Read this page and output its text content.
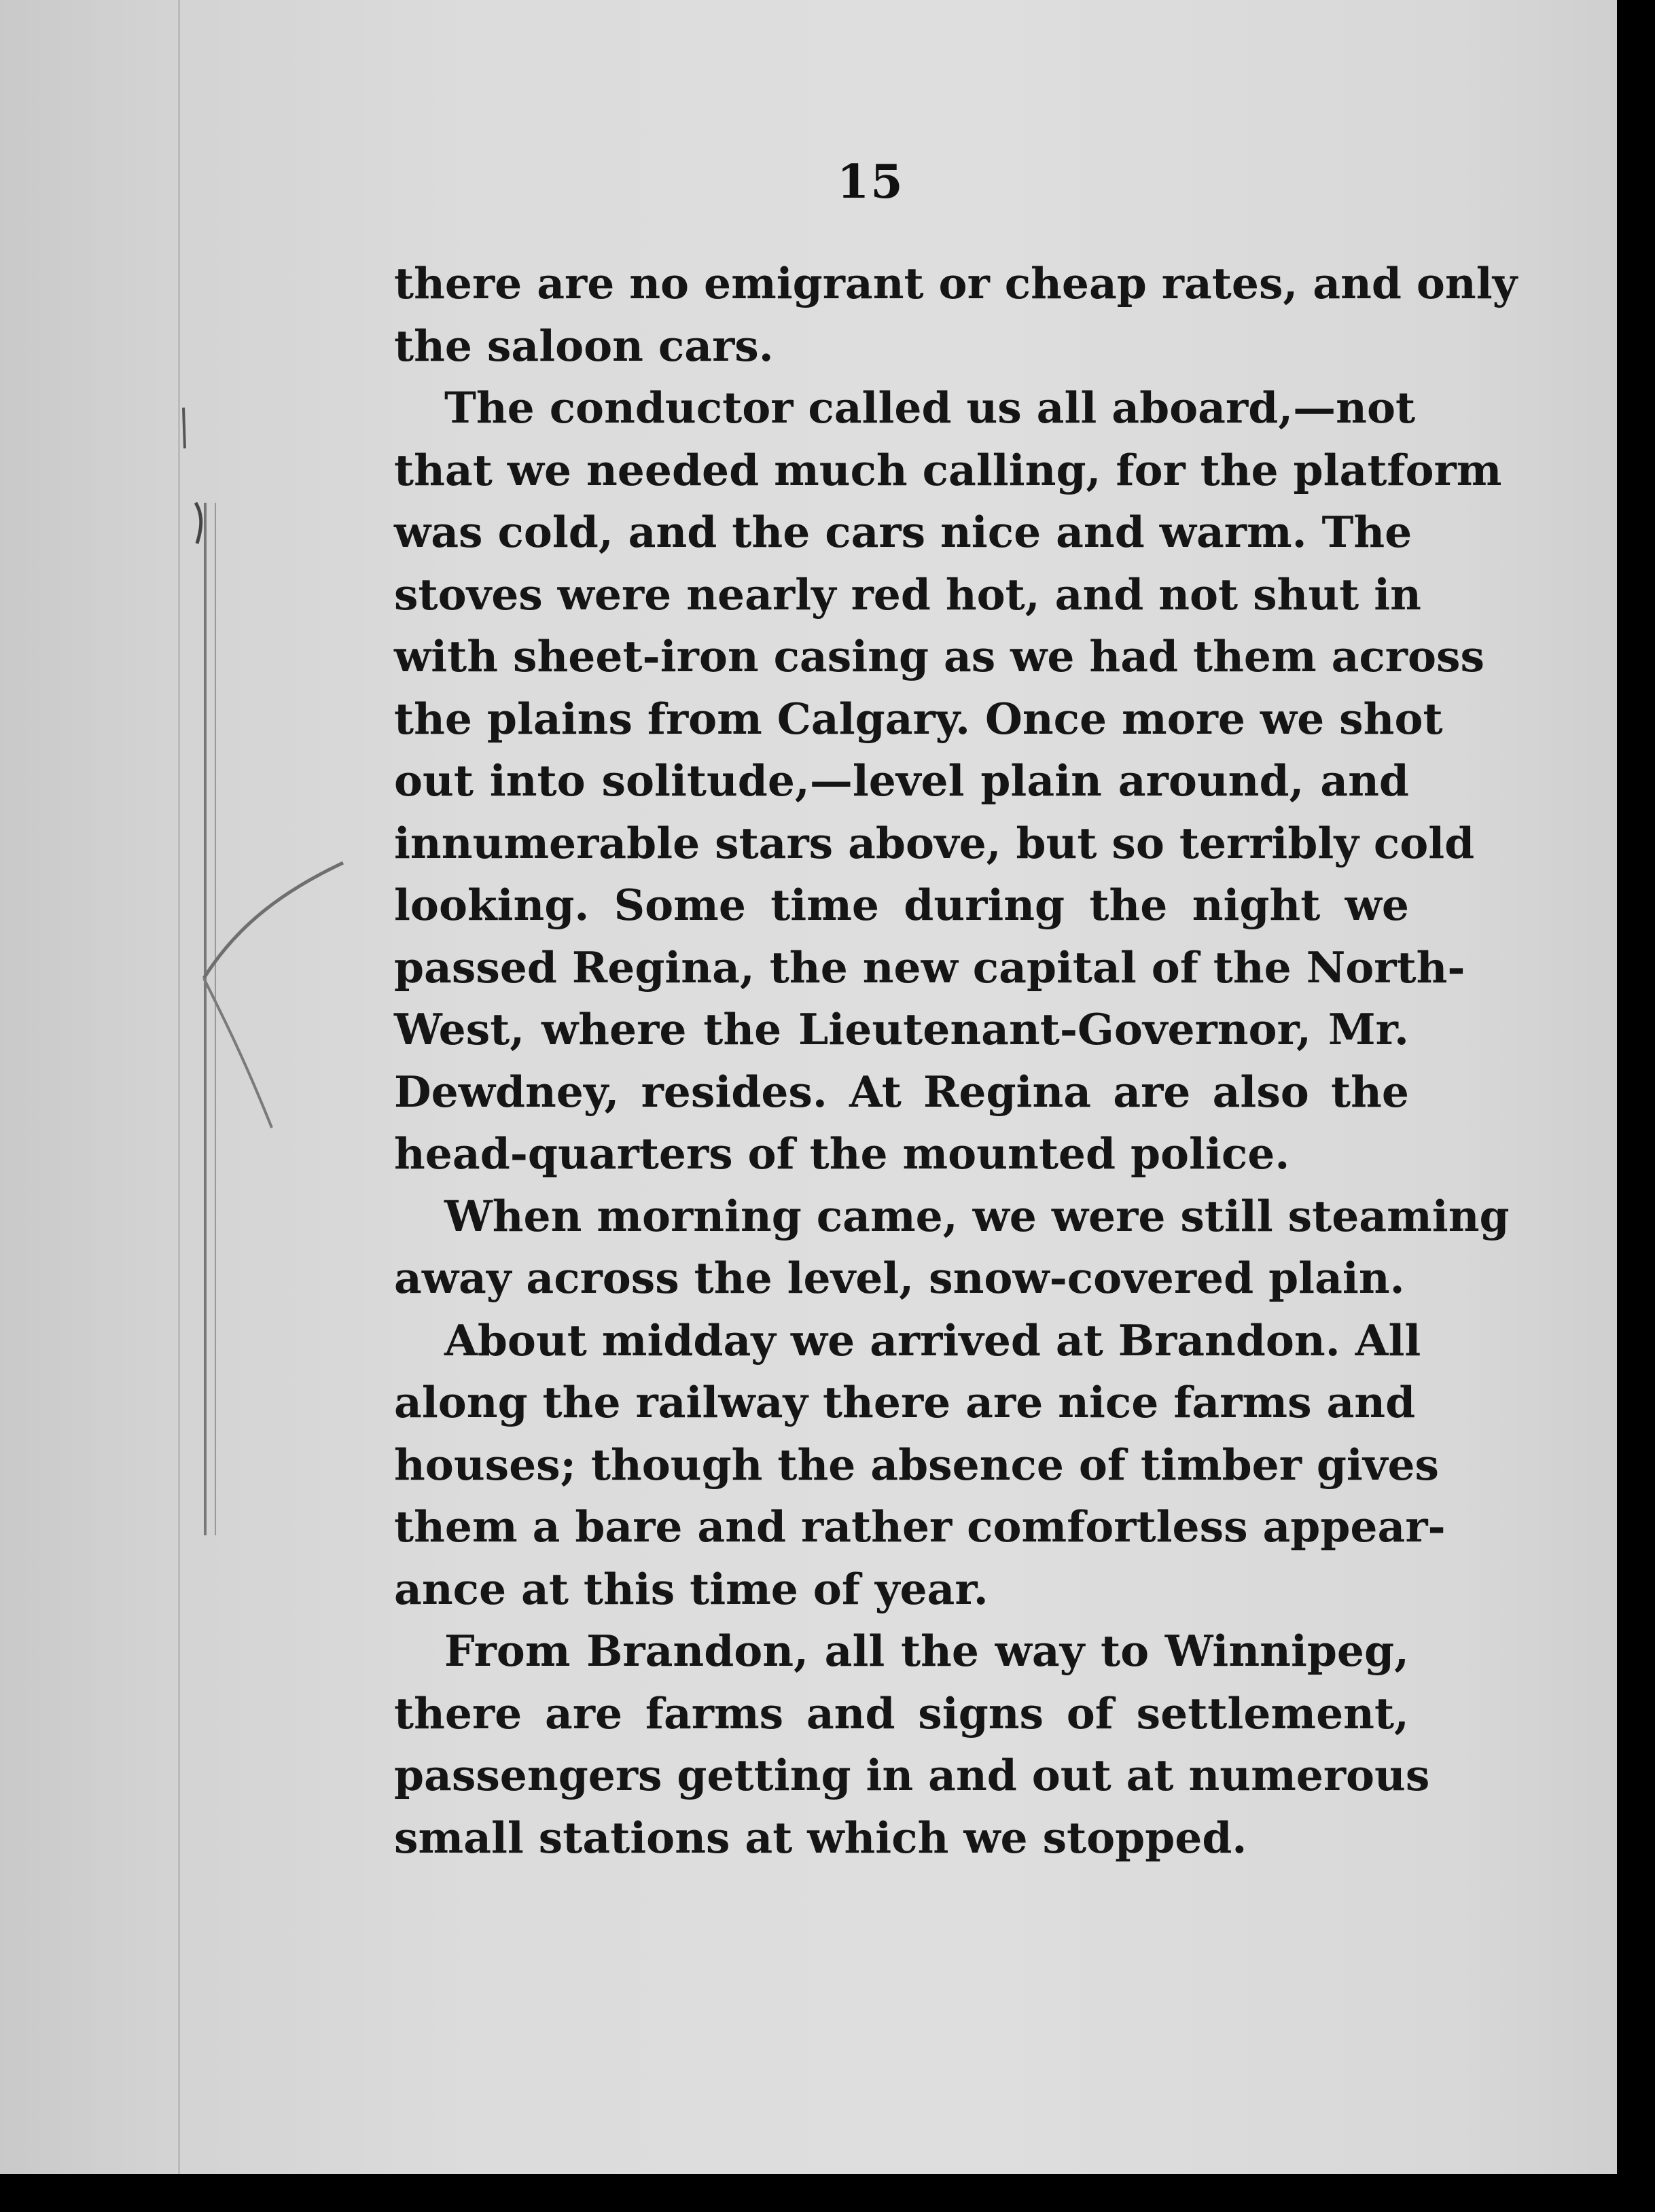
15
there are no emigrant or cheap rates, and only
the saloon cars.
The conductor called us all aboard,—not
that we needed much calling, for the platform
was cold, and the cars nice and warm. The
stoves were nearly red hot, and not shut in
with sheet-iron casing as we had them across
the plains from Calgary. Once more we shot
out into solitude,—level plain around, and
innumerable stars above, but so terribly cold
looking. Some time during the night we
passed Regina, the new capital of the North-
West, where the Lieutenant-Governor, Mr.
Dewdney, resides. At Regina are also the
head-quarters of the mounted police.
When morning came, we were still steaming
away across the level, snow-covered plain.
About midday we arrived at Brandon. All
along the railway there are nice farms and
houses; though the absence of timber gives
them a bare and rather comfortless appear-
ance at this time of year.
From Brandon, all the way to Winnipeg,
there are farms and signs of settlement,
passengers getting in and out at numerous
small stations at which we stopped.
